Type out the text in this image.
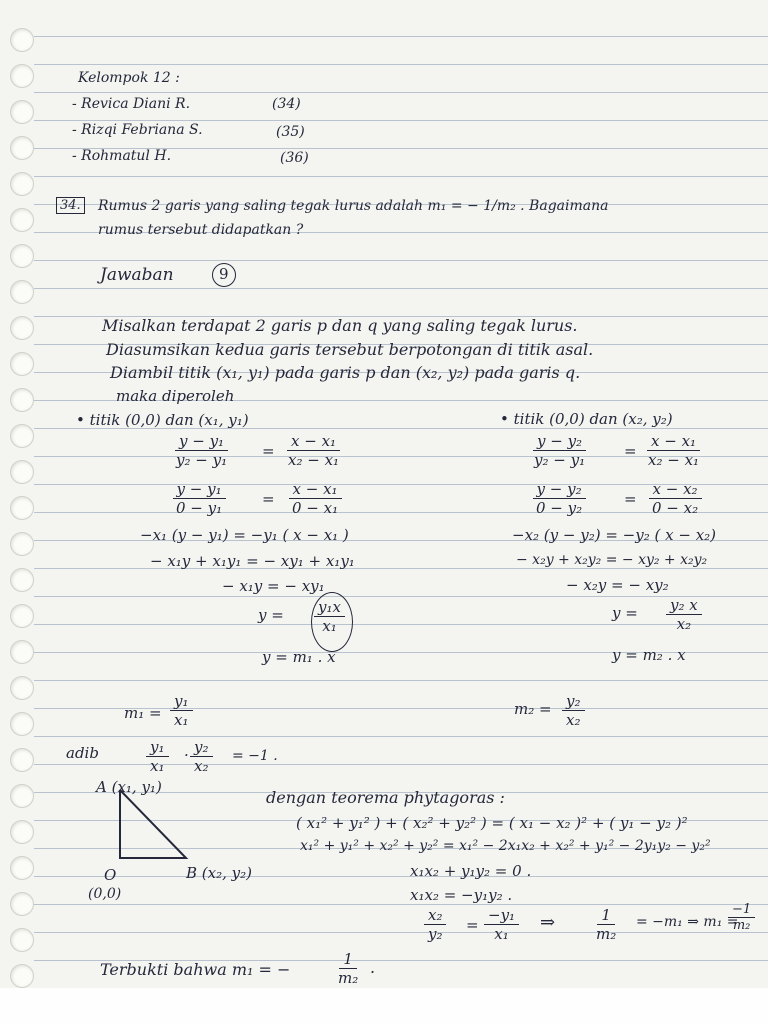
Kelompok 12 :
- Revica Diani R.	(34)
- Rizqi Febriana S.	(35)
- Rohmatul H.	(36)
34. Rumus 2 garis yang saling tegak lurus adalah m₁ = − 1/m₂ . Bagaimana
rumus tersebut didapatkan ?
Jawaban	9
Misalkan terdapat 2 garis p dan q yang saling tegak lurus.
Diasumsikan kedua garis tersebut berpotongan di titik asal.
Diambil titik (x₁, y₁) pada garis p dan (x₂, y₂) pada garis q.
maka diperoleh
• titik (0,0) dan (x₁, y₁)
$\frac{\text{y − y₁}}{\text{y₂ − y₁}} = \frac{\text{x − x₁}}{\text{x₂ − x₁}}$
$\frac{\text{y − y₁}}{\text{0 − y₁}} = \frac{\text{x − x₁}}{\text{0 − x₁}}$
−x₁ (y − y₁) = −y₁ ( x − x₁ )
− x₁y + x₁y₁ = − xy₁ + x₁y₁
− x₁y = − xy₁
$y = \frac{\text{y₁x}}{\text{x₁}}$
y = m₁ . x
$m_1 = \frac{\text{y₁}}{\text{x₁}}$
• titik (0,0) dan (x₂, y₂)
$\frac{\text{y − y₂}}{\text{y₂ − y₁}} = \frac{\text{x − x₁}}{\text{x₂ − x₁}}$
$\frac{\text{y − y₂}}{\text{0 − y₂}}$	= $\frac{\text{x − x₂}}{\text{0 − x₂}}$
−x₂ (y − y₂) = −y₂ ( x − x₂)
− x₂y + x₂y₂ = − xy₂ + x₂y₂
− x₂y = − xy₂
$y = \frac{\text{y₂ x}}{\text{x₂}}$
y = m₂ . x
$m_2 = \frac{\text{y₂}}{\text{x₂}}$
adib	$\frac{\text{y₁}}{\text{x₁}} \cdot \frac{\text{y₂}}{\text{x₂}} = -1$ .
A (x₁, y₁)
O
(0,0)
B (x₂, y₂)
dengan teorema phytagoras :
( x₁² + y₁² ) + ( x₂² + y₂² ) = ( x₁ − x₂ )² + ( y₁ − y₂ )²
x₁² + y₁² + x₂² + y₂² = x₁² − 2x₁x₂ + x₂² + y₁² − 2y₁y₂ − y₂²
x₁x₂ + y₁y₂ = 0 .
x₁x₂ = −y₁y₂ .
$\frac{\text{x₂}}{\text{y₂}} = \frac{\text{−y₁}}{\text{x₁}}$ ⇒ $\frac{1}{\text{m₂}} = -m_1$ ⇒ m₁ =
$\frac{-1}{\text{m₂}}$
Terbukti bahwa m₁ = −	$\frac{1}{\text{m₂}}$ .
